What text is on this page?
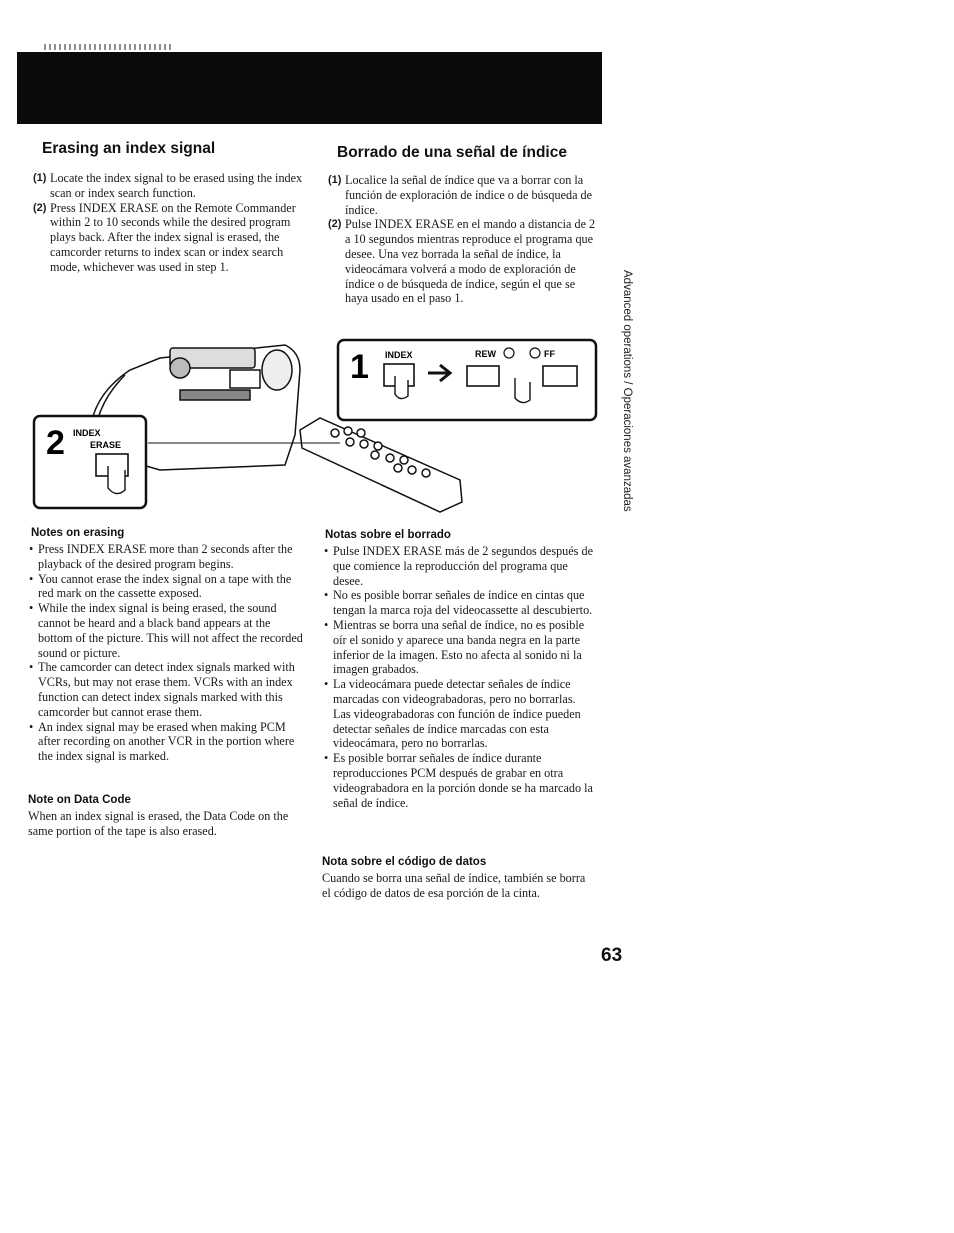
Erasing an index signal

(1) Locate the index signal to be erased using the index scan or index search function.

(2) Press INDEX ERASE on the Remote Commander within 2 to 10 seconds while the desired program plays back. After the index signal is erased, the camcorder returns to index scan or index search mode, whichever was used in step 1.

Notes on erasing
• Press INDEX ERASE more than 2 seconds after the playback of the desired program begins.
• You cannot erase the index signal on a tape with the red mark on the cassette exposed.
• While the index signal is being erased, the sound cannot be heard and a black band appears at the bottom of the picture. This will not affect the recorded sound or picture.
• The camcorder can detect index signals marked with VCRs, but may not erase them. VCRs with an index function can detect index signals marked with this camcorder but cannot erase them.
• An index signal may be erased when making PCM after recording on another VCR in the portion where the index signal is marked.
Note on Data Code

When an index signal is erased, the Data Code on the same portion of the tape is also erased.

Borrado de una señal de índice

(1) Localice la señal de índice que va a borrar con la función de exploración de índice o de búsqueda de índice.

(2) Pulse INDEX ERASE en el mando a distancia de 2 a 10 segundos mientras reproduce el programa que desee. Una vez borrada la señal de índice, la videocámara volverá a modo de exploración de índice o de búsqueda de índice, según el que se haya usado en el paso 1.

Notas sobre el borrado
• Pulse INDEX ERASE más de 2 segundos después de que comience la reproducción del programa que desee.
• No es posible borrar señales de índice en cintas que tengan la marca roja del videocassette al descubierto.
• Mientras se borra una señal de índice, no es posible oír el sonido y aparece una banda negra en la parte inferior de la imagen. Esto no afecta al sonido ni la imagen grabados.
• La videocámara puede detectar señales de índice marcadas con videograbadoras, pero no borrarlas. Las videograbadoras con función de índice pueden detectar señales de índice marcadas con esta videocámara, pero no borrarlas.
• Es posible borrar señales de índice durante reproducciones PCM después de grabar en otra videograbadora en la porción donde se ha marcado la señal de índice.
Nota sobre el código de datos

Cuando se borra una señal de índice, también se borra el código de datos de esa porción de la cinta.

1 INDEX	REW	FF
2 INDEX
ERASE	Advanced operations / Operaciones avanzadas
63
